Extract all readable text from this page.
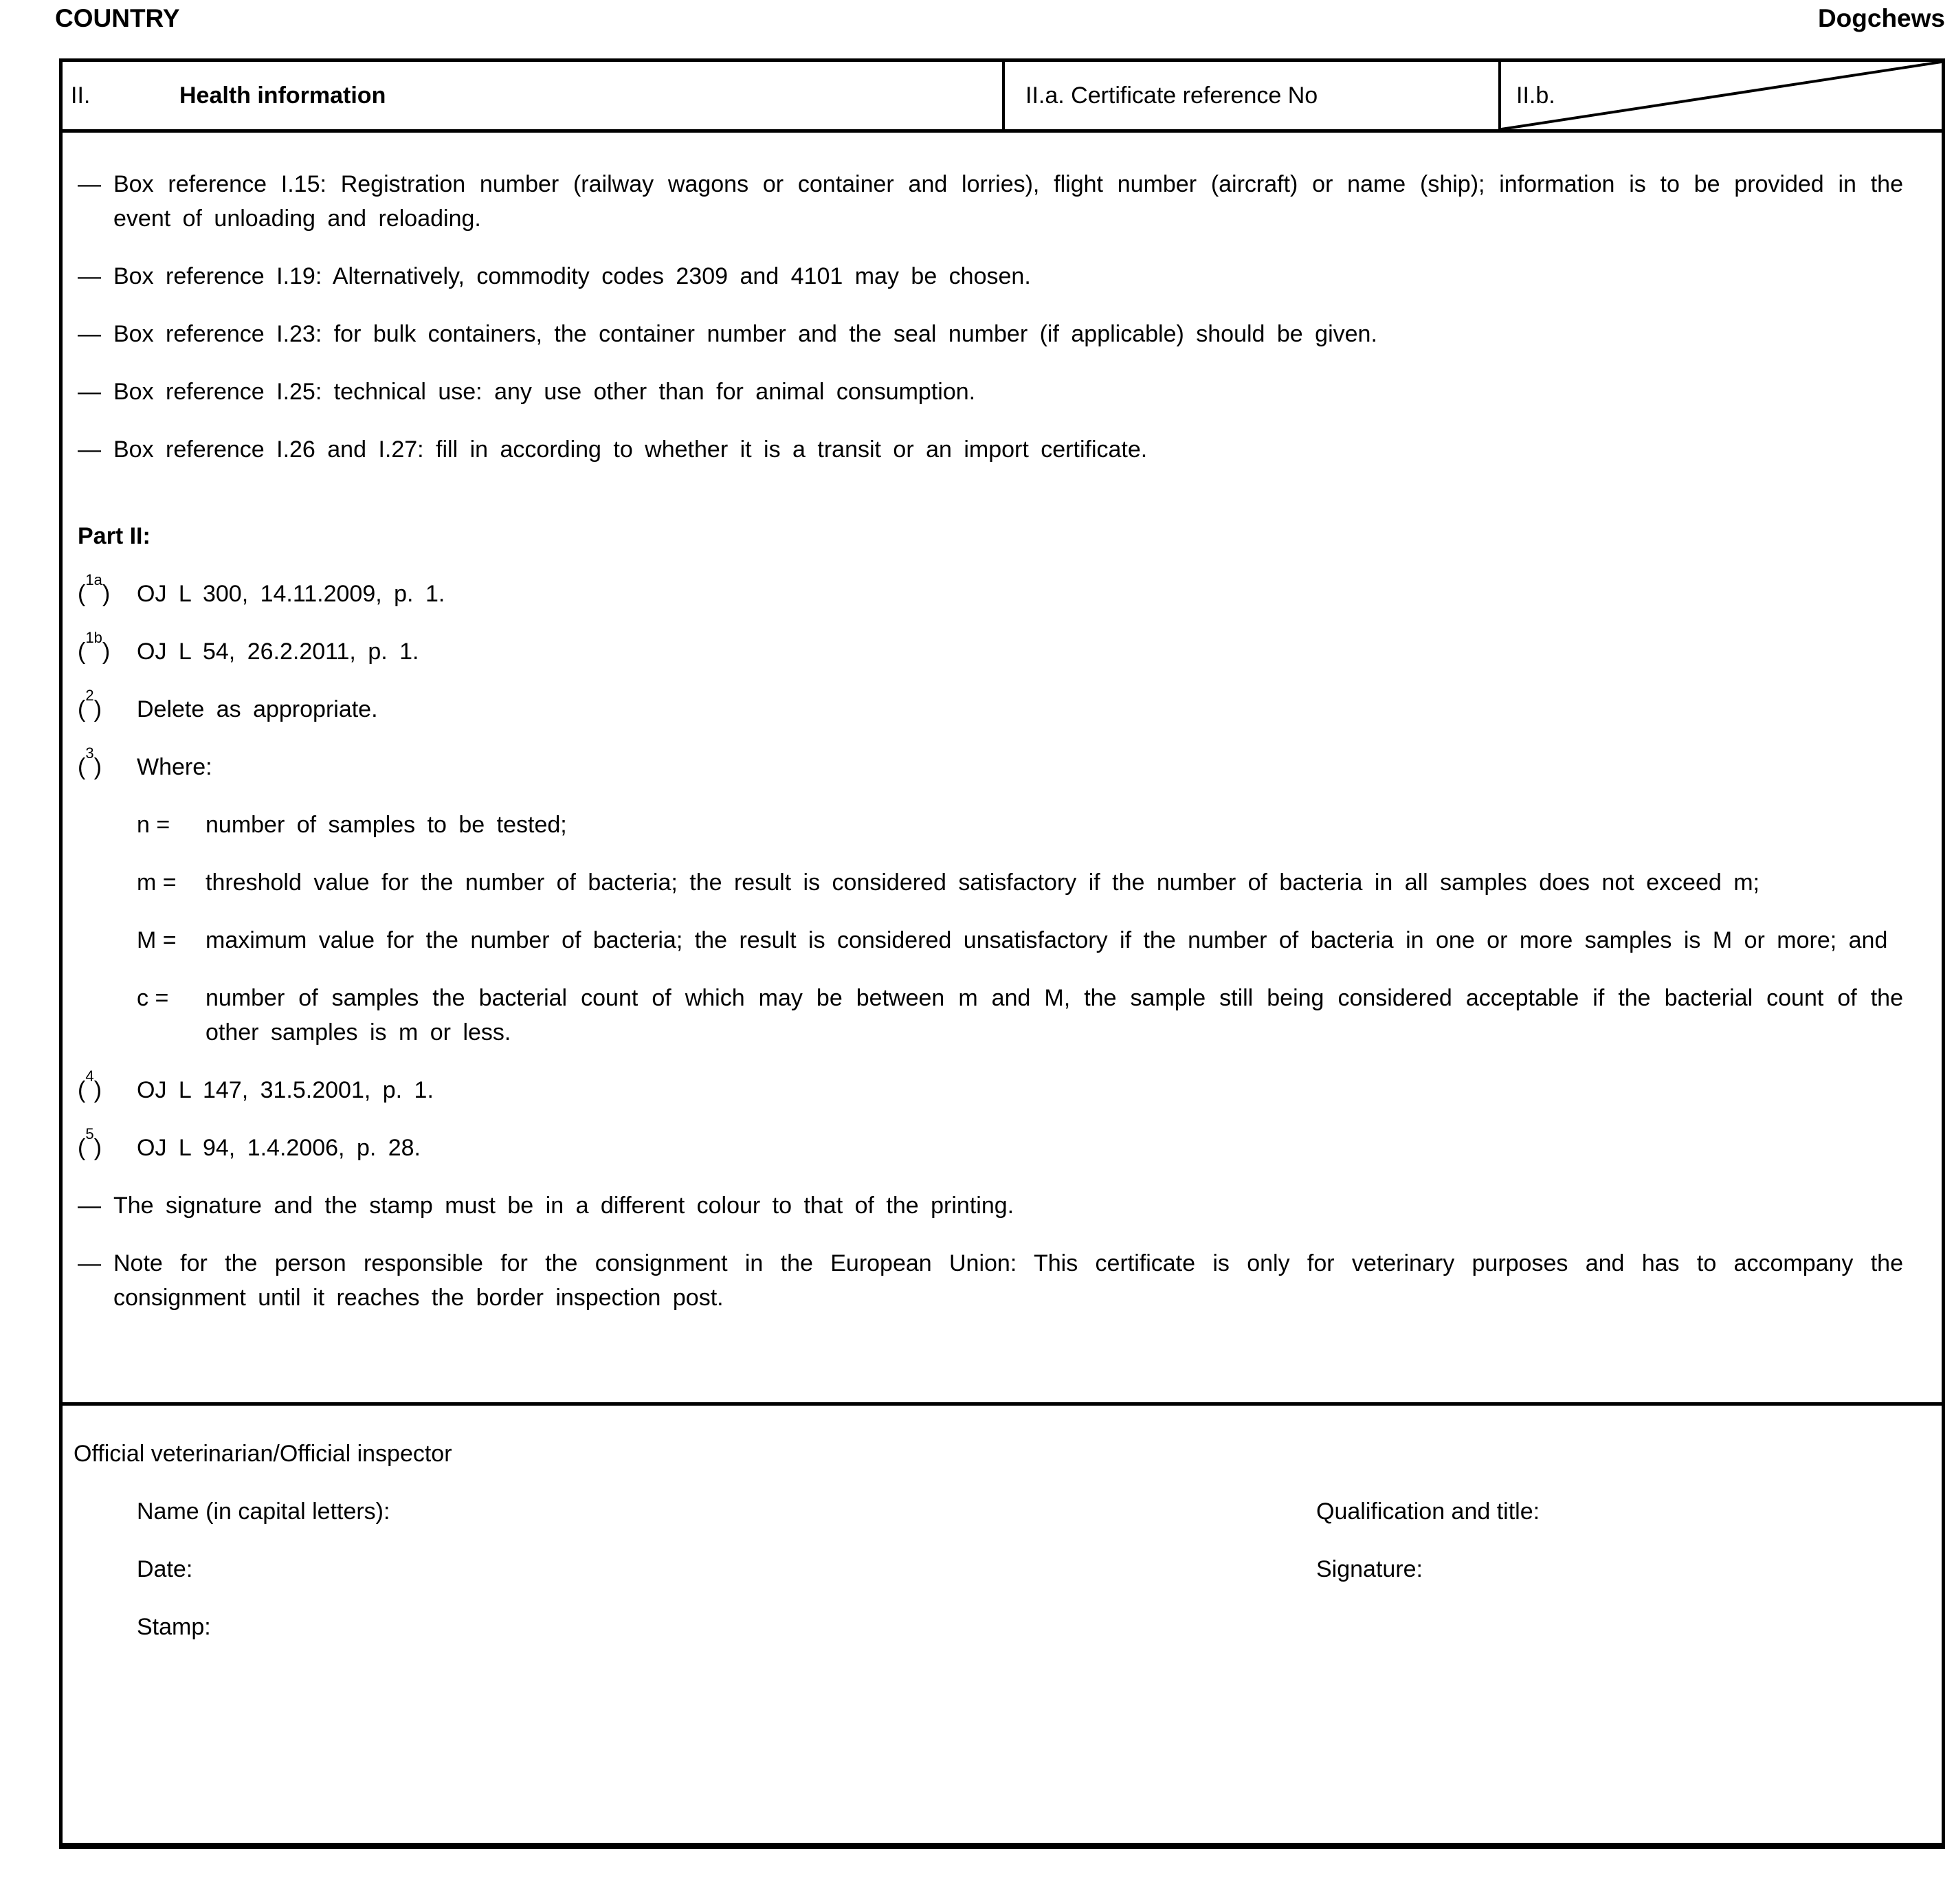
COUNTRY	Dogchews
II.	Health information	II.a. Certificate reference No	II.b.
— Box reference I.15: Registration number (railway wagons or container and lorries), flight number (aircraft) or name (ship); information is to be provided in the event of unloading and reloading.
— Box reference I.19: Alternatively, commodity codes 2309 and 4101 may be chosen.
— Box reference I.23: for bulk containers, the container number and the seal number (if applicable) should be given.
— Box reference I.25: technical use: any use other than for animal consumption.
— Box reference I.26 and I.27: fill in according to whether it is a transit or an import certificate.
Part II:
($^{1a}$)	OJ L 300, 14.11.2009, p. 1.
($^{1b}$)	OJ L 54, 26.2.2011, p. 1.
($^2$)	Delete as appropriate.
($^3$)	Where:
n =	number of samples to be tested;
m =	threshold value for the number of bacteria; the result is considered satisfactory if the number of bacteria in all samples does not exceed m;
M =	maximum value for the number of bacteria; the result is considered unsatisfactory if the number of bacteria in one or more samples is M or more; and
c =	number of samples the bacterial count of which may be between m and M, the sample still being considered acceptable if the bacterial count of the other samples is m or less.
($^4$)	OJ L 147, 31.5.2001, p. 1.
($^5$)	OJ L 94, 1.4.2006, p. 28.
— The signature and the stamp must be in a different colour to that of the printing.
— Note for the person responsible for the consignment in the European Union: This certificate is only for veterinary purposes and has to accompany the consignment until it reaches the border inspection post.
Official veterinarian/Official inspector
Name (in capital letters):	Qualification and title:
Date:	Signature:
Stamp:
